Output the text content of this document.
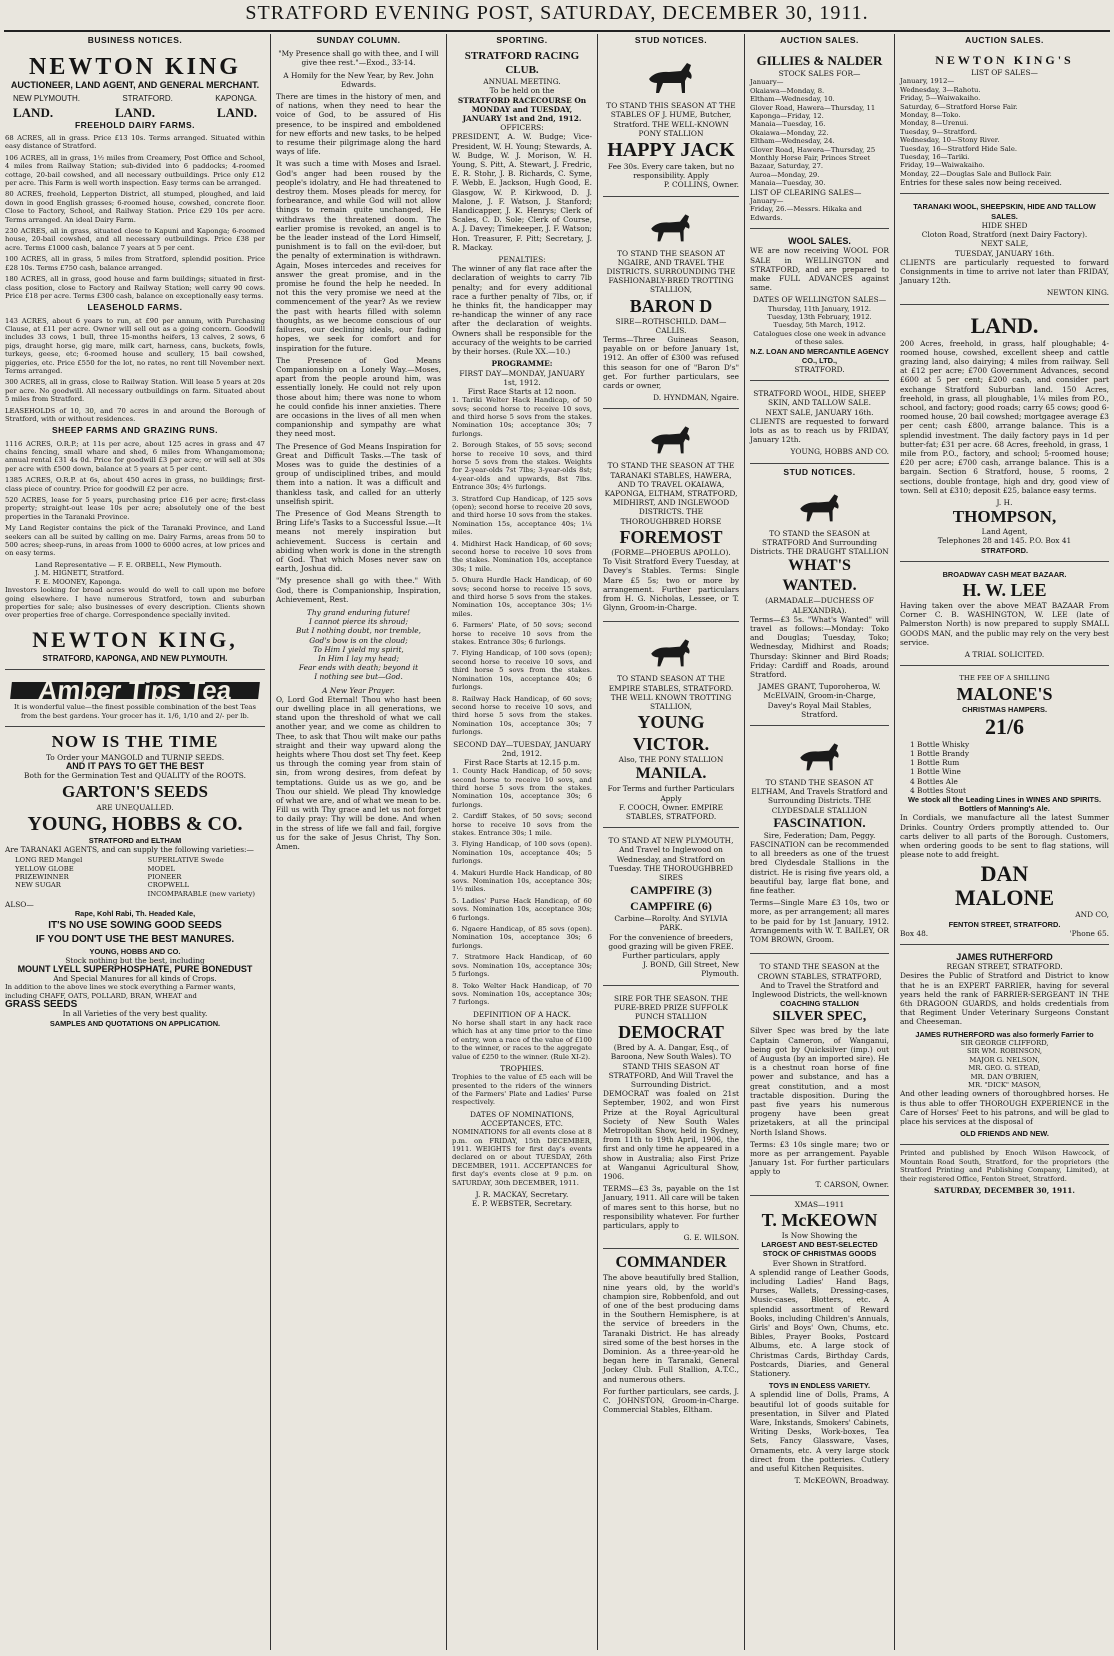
STRATFORD EVENING POST, SATURDAY, DECEMBER 30, 1911.
BUSINESS NOTICES.
NEWTON KING
AUCTIONEER, LAND AGENT, AND GENERAL MERCHANT.
NEW PLYMOUTH.	STRATFORD.	KAPONGA.
LAND.	LAND.	LAND.
FREEHOLD DAIRY FARMS.

68 ACRES, all in grass. Price £13 10s. Terms arranged. Situated within easy distance of Stratford.

106 ACRES, all in grass, 1½ miles from Creamery, Post Office and School, 4 miles from Railway Station; sub-divided into 6 paddocks; 4-roomed cottage, 20-bail cowshed, and all necessary outbuildings. Price only £12 per acre. This Farm is well worth inspection. Easy terms can be arranged.

80 ACRES, freehold, Lepperton District, all stumped, ploughed, and laid down in good English grasses; 6-roomed house, cowshed, concrete floor. Close to Factory, School, and Railway Station. Price £29 10s per acre. Terms arranged. An ideal Dairy Farm.

230 ACRES, all in grass, situated close to Kapuni and Kaponga; 6-roomed house, 20-bail cowshed, and all necessary outbuildings. Price £38 per acre. Terms £1000 cash, balance 7 years at 5 per cent.

100 ACRES, all in grass, 5 miles from Stratford, splendid position. Price £28 10s. Terms £750 cash, balance arranged.

180 ACRES, all in grass, good house and farm buildings; situated in first-class position, close to Factory and Railway Station; well carry 90 cows. Price £18 per acre. Terms £300 cash, balance on exceptionally easy terms.

LEASEHOLD FARMS.

143 ACRES, about 6 years to run, at £90 per annum, with Purchasing Clause, at £11 per acre. Owner will sell out as a going concern. Goodwill includes 33 cows, 1 bull, three 15-months heifers, 13 calves, 2 sows, 6 pigs, draught horse, gig mare, milk cart, harness, cans, buckets, fowls, turkeys, geese, etc; 6-roomed house and scullery, 15 bail cowshed, piggeries, etc. Price £550 for the lot, no rates, no rent till November next. Terms arranged.

300 ACRES, all in grass, close to Railway Station. Will lease 5 years at 20s per acre. No goodwill. All necessary outbuildings on farm. Situated about 5 miles from Stratford.

LEASEHOLDS of 10, 30, and 70 acres in and around the Borough of Stratford, with or without residences.

SHEEP FARMS AND GRAZING RUNS.

1116 ACRES, O.R.P.; at 11s per acre, about 125 acres in grass and 47 chains fencing, small whare and shed, 6 miles from Whangamomona; annual rental £31 4s 0d. Price for goodwill £3 per acre; or will sell at 30s per acre with £500 down, balance at 5 years at 5 per cent.

1385 ACRES, O.R.P. at 6s, about 450 acres in grass, no buildings; first-class piece of country. Price for goodwill £2 per acre.

520 ACRES, lease for 5 years, purchasing price £16 per acre; first-class property; straight-out lease 10s per acre; absolutely one of the best properties in the Taranaki Province.

My Land Register contains the pick of the Taranaki Province, and Land seekers can all be suited by calling on me. Dairy Farms, areas from 50 to 500 acres; sheep-runs, in areas from 1000 to 6000 acres, at low prices and on easy terms.

Land Representative — F. E. ORBELL, New Plymouth.
J. M. HIGNETT, Stratford.
F. E. MOONEY, Kaponga.

Investors looking for broad acres would do well to call upon me before going elsewhere. I have numerous Stratford, town and suburban properties for sale; also businesses of every description. Clients shown over properties free of charge. Correspondence specially invited.

NEWTON KING,
STRATFORD, KAPONGA, AND NEW PLYMOUTH.
Amber Tips Tea
It is wonderful value—the finest possible combination of the best Teas from the best gardens. Your grocer has it. 1/6, 1/10 and 2/- per lb.
NOW IS THE TIME
To Order your MANGOLD and TURNIP SEEDS.
AND IT PAYS TO GET THE BEST
Both for the Germination Test and QUALITY of the ROOTS.
GARTON'S SEEDS
ARE UNEQUALLED.
YOUNG, HOBBS & CO.
STRATFORD and ELTHAM
Are TARANAKI AGENTS, and can supply the following varieties:—
LONG RED Mangel
YELLOW GLOBE
PRIZEWINNER
NEW SUGAR
SUPERLATIVE Swede
MODEL
PIONEER
CROPWELL
INCOMPARABLE (new variety)
ALSO—
Rape, Kohl Rabi, Th. Headed Kale,
IT'S NO USE SOWING GOOD SEEDS
IF YOU DON'T USE THE BEST MANURES.
YOUNG, HOBBS AND CO.
Stock nothing but the best, including
MOUNT LYELL SUPERPHOSPHATE, PURE BONEDUST
And Special Manures for all kinds of Crops.
In addition to the above lines we stock everything a Farmer wants, including CHAFF, OATS, POLLARD, BRAN, WHEAT and
GRASS SEEDS
In all Varieties of the very best quality.
SAMPLES AND QUOTATIONS ON APPLICATION.
SUNDAY COLUMN.
"My Presence shall go with thee, and I will give thee rest."—Exod., 33-14.
A Homily for the New Year, by Rev. John Edwards.

There are times in the history of men, and of nations, when they need to hear the voice of God, to be assured of His presence, to be inspired and emboldened for new efforts and new tasks, to be helped to resume their pilgrimage along the hard ways of life.

It was such a time with Moses and Israel. God's anger had been roused by the people's idolatry, and He had threatened to destroy them. Moses pleads for mercy, for forbearance, and while God will not allow things to remain quite unchanged, He withdraws the threatened doom. The earlier promise is revoked, an angel is to be the leader instead of the Lord Himself, punishment is to fall on the evil-doer, but the penalty of extermination is withdrawn. Again, Moses intercedes and receives for answer the great promise, and in the promise he found the help he needed. In not this the very promise we need at the commencement of the year? As we review the past with hearts filled with solemn thoughts, as we become conscious of our failures, our declining ideals, our fading hopes, we seek for comfort and for inspiration for the future.

The Presence of God Means Companionship on a Lonely Way.—Moses, apart from the people around him, was essentially lonely. He could not rely upon those about him; there was none to whom he could confide his inner anxieties. There are occasions in the lives of all men when companionship and sympathy are what they need most.

The Presence of God Means Inspiration for Great and Difficult Tasks.—The task of Moses was to guide the destinies of a group of undisciplined tribes, and mould them into a nation. It was a difficult and thankless task, and called for an utterly unselfish spirit.

The Presence of God Means Strength to Bring Life's Tasks to a Successful Issue.—It means not merely inspiration but achievement. Success is certain and abiding when work is done in the strength of God. That which Moses never saw on earth, Joshua did.

"My presence shall go with thee." With God, there is Companionship, Inspiration, Achievement, Rest.

Thy grand enduring future!
I cannot pierce its shroud;
But I nothing doubt, nor tremble,
God's bow is on the cloud;
To Him I yield my spirit,
In Him I lay my head;
Fear ends with death; beyond it
I nothing see but—God.
A New Year Prayer.

O, Lord God Eternal! Thou who hast been our dwelling place in all generations, we stand upon the threshold of what we call another year, and we come as children to Thee, to ask that Thou wilt make our paths straight and their way upward along the heights where Thou dost set Thy feet. Keep us through the coming year from stain of sin, from wrong desires, from defeat by temptations. Guide us as we go, and be Thou our shield. We plead Thy knowledge of what we are, and of what we mean to be. Fill us with Thy grace and let us not forget to daily pray: Thy will be done. And when in the stress of life we fall and fail, forgive us for the sake of Jesus Christ, Thy Son. Amen.

SPORTING.
STRATFORD RACING CLUB.
ANNUAL MEETING.
To be held on the
STRATFORD RACECOURSE On
MONDAY and TUESDAY,
JANUARY 1st and 2nd, 1912.
OFFICERS:

PRESIDENT, A. W. Budge; Vice-President, W. H. Young; Stewards, A. W. Budge, W. J. Morison, W. H. Young, S. Pitt, A. Stewart, J. Fredric, E. R. Stohr, J. B. Richards, C. Syme, F. Webb, E. Jackson, Hugh Good, E. Glasgow, W. P. Kirkwood, D. J. Malone, J. F. Watson, J. Stanford; Handicapper, J. K. Henrys; Clerk of Scales, C. D. Sole; Clerk of Course, A. J. Davey; Timekeeper, J. F. Watson; Hon. Treasurer, F. Pitt; Secretary, J. R. Mackay.

PENALTIES:

The winner of any flat race after the declaration of weights to carry 7lb penalty; and for every additional race a further penalty of 7lbs, or, if he thinks fit, the handicapper may re-handicap the winner of any race after the declaration of weights. Owners shall be responsible for the accuracy of the weights to be carried by their horses. (Rule XX.—10.)

PROGRAMME:
FIRST DAY—MONDAY, JANUARY 1st, 1912.
First Race Starts at 12 noon.

1. Tariki Welter Hack Handicap, of 50 sovs; second horse to receive 10 sovs, and third horse 5 sovs from the stakes. Nomination 10s; acceptance 30s; 7 furlongs.

2. Borough Stakes, of 55 sovs; second horse to receive 10 sovs, and third horse 5 sovs from the stakes. Weights for 2-year-olds 7st 7lbs; 3-year-olds 8st; 4-year-olds and upwards, 8st 7lbs. Entrance 30s; 4½ furlongs.

3. Stratford Cup Handicap, of 125 sovs (open); second horse to receive 20 sovs, and third horse 10 sovs from the stakes. Nomination 15s, acceptance 40s; 1¼ miles.

4. Midhirst Hack Handicap, of 60 sovs; second horse to receive 10 sovs from the stakes. Nomination 10s, acceptance 30s; 1 mile.

5. Ohura Hurdle Hack Handicap, of 60 sovs; second horse to receive 15 sovs, and third horse 5 sovs from the stakes. Nomination 10s, acceptance 30s; 1½ miles.

6. Farmers' Plate, of 50 sovs; second horse to receive 10 sovs from the stakes. Entrance 30s; 6 furlongs.

7. Flying Handicap, of 100 sovs (open); second horse to receive 10 sovs, and third horse 5 sovs from the stakes. Nomination 10s, acceptance 40s; 6 furlongs.

8. Railway Hack Handicap, of 60 sovs; second horse to receive 10 sovs, and third horse 5 sovs from the stakes. Nomination 10s, acceptance 30s; 7 furlongs.

SECOND DAY—TUESDAY, JANUARY 2nd, 1912.
First Race Starts at 12.15 p.m.

1. County Hack Handicap, of 50 sovs; second horse to receive 10 sovs, and third horse 5 sovs from the stakes. Nomination 10s, acceptance 30s; 6 furlongs.

2. Cardiff Stakes, of 50 sovs; second horse to receive 10 sovs from the stakes. Entrance 30s; 1 mile.

3. Flying Handicap, of 100 sovs (open). Nomination 10s, acceptance 40s; 5 furlongs.

4. Makuri Hurdle Hack Handicap, of 80 sovs. Nomination 10s, acceptance 30s; 1½ miles.

5. Ladies' Purse Hack Handicap, of 60 sovs. Nomination 10s, acceptance 30s; 6 furlongs.

6. Ngaere Handicap, of 85 sovs (open). Nomination 10s, acceptance 30s; 6 furlongs.

7. Stratmore Hack Handicap, of 60 sovs. Nomination 10s, acceptance 30s; 5 furlongs.

8. Toko Welter Hack Handicap, of 70 sovs. Nomination 10s, acceptance 30s; 7 furlongs.

DEFINITION OF A HACK.

No horse shall start in any hack race which has at any time prior to the time of entry, won a race of the value of £100 to the winner, or races to the aggregate value of £250 to the winner. (Rule XI-2).

TROPHIES.

Trophies to the value of £5 each will be presented to the riders of the winners of the Farmers' Plate and Ladies' Purse respectively.

DATES OF NOMINATIONS, ACCEPTANCES, ETC.

NOMINATIONS for all events close at 8 p.m. on FRIDAY, 15th DECEMBER, 1911. WEIGHTS for first day's events declared on or about TUESDAY, 26th DECEMBER, 1911. ACCEPTANCES for first day's events close at 9 p.m. on SATURDAY, 30th DECEMBER, 1911.

J. R. MACKAY, Secretary.
E. P. WEBSTER, Secretary.
STUD NOTICES.
TO STAND THIS SEASON AT THE STABLES OF J. HUME, Butcher, Stratford. THE WELL-KNOWN PONY STALLION
HAPPY JACK
Fee 30s. Every care taken, but no responsibility. Apply
P. COLLINS, Owner.
TO STAND THE SEASON AT NGAIRE, AND TRAVEL THE DISTRICTS. SURROUNDING THE FASHIONABLY-BRED TROTTING STALLION,
BARON D
SIRE—ROTHSCHILD. DAM—CALLIS.

Terms—Three Guineas Season, payable on or before January 1st, 1912. An offer of £300 was refused this season for one of "Baron D's" get. For further particulars, see cards or owner,

D. HYNDMAN, Ngaire.
TO STAND THE SEASON AT THE TARANAKI STABLES, HAWERA, AND TO TRAVEL OKAIAWA, KAPONGA, ELTHAM, STRATFORD, MIDHIRST, AND INGLEWOOD DISTRICTS. THE THOROUGHBRED HORSE
FOREMOST
(FORME—PHOEBUS APOLLO).

To Visit Stratford Every Tuesday, at Davey's Stables. Terms: Single Mare £5 5s; two or more by arrangement. Further particulars from H. G. Nicholas, Lessee, or T. Glynn, Groom-in-Charge.

TO STAND SEASON AT THE EMPIRE STABLES, STRATFORD. THE WELL KNOWN TROTTING STALLION,
YOUNG VICTOR.
Also, THE PONY STALLION
MANILA.
For Terms and further Particulars Apply
F. COOCH, Owner. EMPIRE STABLES, STRATFORD.
TO STAND AT NEW PLYMOUTH, And Travel to Inglewood on Wednesday, and Stratford on Tuesday. THE THOROUGHBRED SIRES
CAMPFIRE (3) CAMPFIRE (6)
Carbine—Rorolty. And SYLVIA PARK.
For the convenience of breeders, good grazing will be given FREE. Further particulars, apply
J. BOND, Gill Street, New Plymouth.
SIRE FOR THE SEASON. THE PURE-BRED PRIZE SUFFOLK PUNCH STALLION
DEMOCRAT
(Bred by A. A. Dangar, Esq., of Baroona, New South Wales). TO STAND THIS SEASON AT STRATFORD, And Will Travel the Surrounding District.

DEMOCRAT was foaled on 21st September, 1902, and won First Prize at the Royal Agricultural Society of New South Wales Metropolitan Show, held in Sydney, from 11th to 19th April, 1906, the first and only time he appeared in a show in Australia; also First Prize at Wanganui Agricultural Show, 1906.

TERMS—£3 3s, payable on the 1st January, 1911. All care will be taken of mares sent to this horse, but no responsibility whatever. For further particulars, apply to

G. E. WILSON.
COMMANDER

The above beautifully bred Stallion, nine years old, by the world's champion sire, Robbenfold, and out of one of the best producing dams in the Southern Hemisphere, is at the service of breeders in the Taranaki District. He has already sired some of the best horses in the Dominion. As a three-year-old he began here in Taranaki, General Jockey Club. Full Stallion, A.T.C., and numerous others.

For further particulars, see cards, J. C. JOHNSTON, Groom-in-Charge. Commercial Stables, Eltham.

AUCTION SALES.
GILLIES & NALDER
STOCK SALES FOR—
January—
Okaiawa—Monday, 8.
Eltham—Wednesday, 10.
Glover Road, Hawera—Thursday, 11
Kaponga—Friday, 12.
Manaia—Tuesday, 16.
Okaiawa—Monday, 22.
Eltham—Wednesday, 24.
Glover Road, Hawera—Thursday, 25
Monthly Horse Fair, Princes Street Bazaar, Saturday, 27.
Auroa—Monday, 29.
Manaia—Tuesday, 30.
LIST OF CLEARING SALES—
January—
Friday, 26.—Messrs. Hikaka and Edwards.
WOOL SALES.

WE are now receiving WOOL FOR SALE in WELLINGTON and STRATFORD, and are prepared to make FULL ADVANCES against same.

DATES OF WELLINGTON SALES—
Thursday, 11th January, 1912.
Tuesday, 13th February, 1912.
Tuesday, 5th March, 1912.
Catalogues close one week in advance of these sales.
N.Z. LOAN AND MERCANTILE AGENCY CO., LTD.,
STRATFORD.
STRATFORD WOOL, HIDE, SHEEP SKIN, AND TALLOW SALE.
NEXT SALE, JANUARY 16th.

CLIENTS are requested to forward lots as as to reach us by FRIDAY, January 12th.

YOUNG, HOBBS AND CO.
STUD NOTICES.
TO STAND the SEASON at STRATFORD And Surrounding Districts. THE DRAUGHT STALLION
WHAT'S WANTED.
(ARMADALE—DUCHESS OF ALEXANDRA).

Terms—£3 5s. "What's Wanted" will travel as follows:—Monday: Toko and Douglas; Tuesday, Toko; Wednesday, Midhirst and Roads; Thursday: Skinner and Bird Roads; Friday: Cardiff and Roads, around Stratford.

JAMES GRANT, Tuporoheroa, W. McELVAIN, Groom-in-Charge, Davey's Royal Mail Stables, Stratford.
TO STAND THE SEASON AT ELTHAM, And Travels Stratford and Surrounding Districts. THE CLYDESDALE STALLION
FASCINATION.
Sire, Federation; Dam, Peggy.

FASCINATION can be recommended to all breeders as one of the truest bred Clydesdale Stallions in the district. He is rising five years old, a beautiful bay, large flat bone, and fine feather.

Terms—Single Mare £3 10s, two or more, as per arrangement; all mares to be paid for by 1st January, 1912. Arrangements with W. T. BAILEY, OR TOM BROWN, Groom.

TO STAND THE SEASON at the CROWN STABLES, STRATFORD, And to Travel the Stratford and Inglewood Districts, the well-known
COACHING STALLION
SILVER SPEC,

Silver Spec was bred by the late Captain Cameron, of Wanganui, being got by Quicksilver (imp.) out of Augusta (by an imported sire). He is a chestnut roan horse of fine power and substance, and has a great constitution, and a most tractable disposition. During the past five years his numerous progeny have been great prizetakers, at all the principal North Island Shows.

Terms: £3 10s single mare; two or more as per arrangement. Payable January 1st. For further particulars apply to

T. CARSON, Owner.
XMAS—1911
T. McKEOWN
Is Now Showing the
LARGEST AND BEST-SELECTED
STOCK OF CHRISTMAS GOODS
Ever Shown in Stratford.

A splendid range of Leather Goods, including Ladies' Hand Bags, Purses, Wallets, Dressing-cases, Music-cases, Blotters, etc. A splendid assortment of Reward Books, including Children's Annuals, Girls' and Boys' Own, Chums, etc. Bibles, Prayer Books, Postcard Albums, etc. A large stock of Christmas Cards, Birthday Cards, Postcards, Diaries, and General Stationery.

TOYS IN ENDLESS VARIETY.

A splendid line of Dolls, Prams, A beautiful lot of goods suitable for presentation, in Silver and Plated Ware, Inkstands, Smokers' Cabinets, Writing Desks, Work-boxes, Tea Sets, Fancy Glassware, Vases, Ornaments, etc. A very large stock direct from the potteries. Cutlery and useful Kitchen Requisites.

T. McKEOWN, Broadway.
AUCTION SALES.
NEWTON KING'S
LIST OF SALES—
January, 1912—
Wednesday, 3—Rahotu.
Friday, 5—Waiwakaiho.
Saturday, 6—Stratford Horse Fair.
Monday, 8—Toko.
Monday, 8—Urenui.
Tuesday, 9—Stratford.
Wednesday, 10—Stony River.
Tuesday, 16—Stratford Hide Sale.
Tuesday, 16—Tariki.
Friday, 19—Waiwakaiho.
Monday, 22—Douglas Sale and Bullock Fair.
Entries for these sales now being received.
TARANAKI WOOL, SHEEPSKIN, HIDE AND TALLOW SALES.
HIDE SHED
Cloton Road, Stratford (next Dairy Factory).
NEXT SALE,
TUESDAY, JANUARY 16th.

CLIENTS are particularly requested to forward Consignments in time to arrive not later than FRIDAY, January 12th.

NEWTON KING.
LAND.

200 Acres, freehold, in grass, half ploughable; 4-roomed house, cowshed, excellent sheep and cattle grazing land, also dairying; 4 miles from railway. Sell at £12 per acre; £700 Government Advances, second £600 at 5 per cent; £200 cash, and consider part exchange Stratford Suburban land. 150 Acres, freehold, in grass, all ploughable, 1¼ miles from P.O., school, and factory; good roads; carry 65 cows; good 6-roomed house, 20 bail cowshed; mortgagee average £3 per cent; cash £800, arrange balance. This is a splendid investment. The daily factory pays in 1d per butter-fat; £31 per acre. 68 Acres, freehold, in grass, 1 mile from P.O., factory, and school; 5-roomed house; £20 per acre; £700 cash, arrange balance. This is a bargain. Section 6 Stratford, house, 5 rooms, 2 sections, double frontage, high and dry, good view of town. Sell at £310; deposit £25, balance easy terms.

J. H.
THOMPSON,
Land Agent,
Telephones 28 and 145. P.O. Box 41
STRATFORD.
BROADWAY CASH MEAT BAZAAR.
H. W. LEE

Having taken over the above MEAT BAZAAR From Corner C. B. WASHINGTON, W. LEE (late of Palmerston North) is now prepared to supply SMALL GOODS MAN, and the public may rely on the very best service.

A TRIAL SOLICITED.
THE FEE OF A SHILLING
MALONE'S
CHRISTMAS HAMPERS.
21/6
1 Bottle Whisky
1 Bottle Brandy
1 Bottle Rum
1 Bottle Wine
4 Bottles Ale
4 Bottles Stout
We stock all the Leading Lines in WINES AND SPIRITS.
Bottlers of Manning's Ale.

In Cordials, we manufacture all the latest Summer Drinks. Country Orders promptly attended to. Our carts deliver to all parts of the Borough. Customers, when ordering goods to be sent to flag stations, will please note to add freight.

DAN
MALONE
AND CO,
FENTON STREET, STRATFORD.
Box 48.	'Phone 65.
JAMES RUTHERFORD
REGAN STREET, STRATFORD.

Desires the Public of Stratford and District to know that he is an EXPERT FARRIER, having for several years held the rank of FARRIER-SERGEANT IN THE 6th DRAGOON GUARDS, and holds credentials from that Regiment Under Veterinary Surgeons Constant and Cheeseman.

JAMES RUTHERFORD was also formerly Farrier to
SIR GEORGE CLIFFORD,
SIR WM. ROBINSON,
MAJOR G. NELSON,
MR. GEO. G. STEAD,
MR. DAN O'BRIEN,
MR. "DICK" MASON,

And other leading owners of thoroughbred horses. He is thus able to offer THOROUGH EXPERIENCE in the Care of Horses' Feet to his patrons, and will be glad to place his services at the disposal of

OLD FRIENDS AND NEW.

Printed and published by Enoch Wilson Hawcock, of Mountain Road South, Stratford, for the proprietors (the Stratford Printing and Publishing Company, Limited), at their registered Office, Fenton Street, Stratford.

SATURDAY, DECEMBER 30, 1911.
